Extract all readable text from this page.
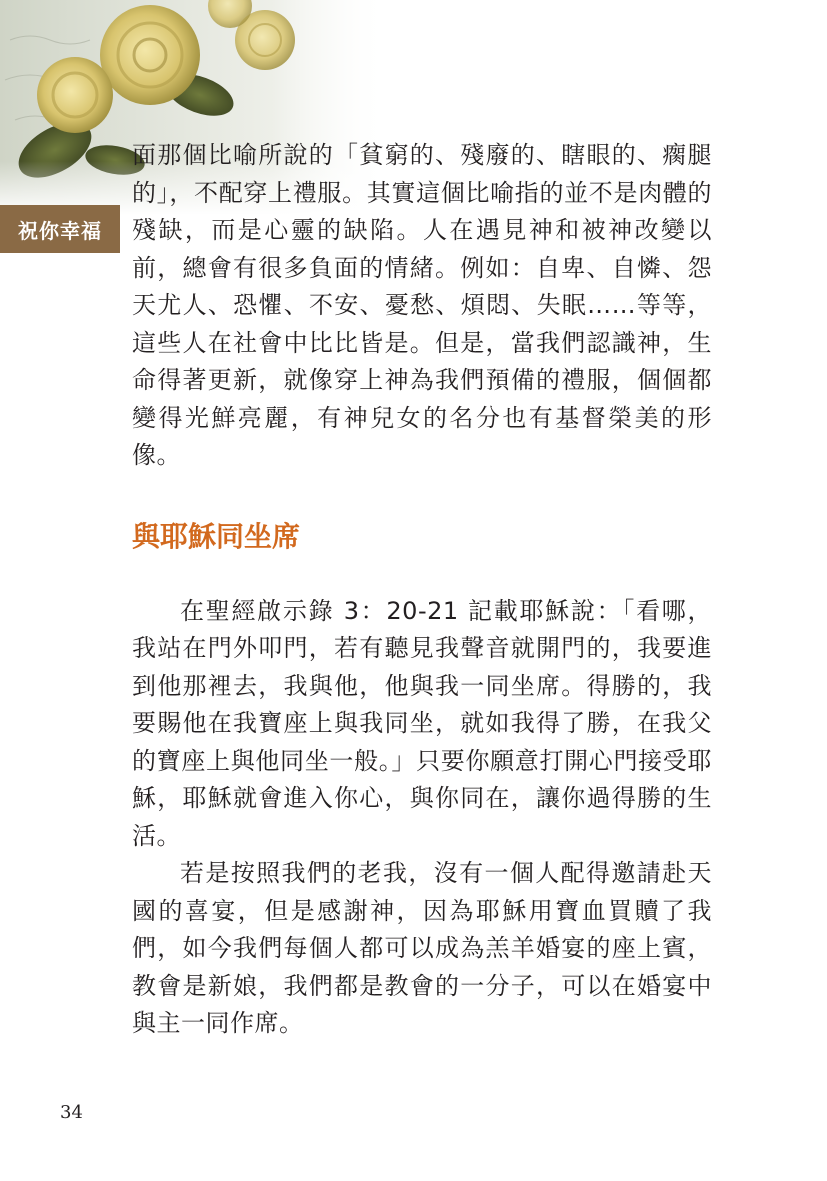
祝你幸福

面那個比喻所說的「貧窮的、殘廢的、瞎眼的、瘸腿的」，不配穿上禮服。其實這個比喻指的並不是肉體的殘缺，而是心靈的缺陷。人在遇見神和被神改變以前，總會有很多負面的情緒。例如：自卑、自憐、怨天尤人、恐懼、不安、憂愁、煩悶、失眠……等等，這些人在社會中比比皆是。但是，當我們認識神，生命得著更新，就像穿上神為我們預備的禮服，個個都變得光鮮亮麗，有神兒女的名分也有基督榮美的形像。

與耶穌同坐席

在聖經啟示錄 3：20-21 記載耶穌說：「看哪，我站在門外叩門，若有聽見我聲音就開門的，我要進到他那裡去，我與他，他與我一同坐席。得勝的，我要賜他在我寶座上與我同坐，就如我得了勝，在我父的寶座上與他同坐一般。」只要你願意打開心門接受耶穌，耶穌就會進入你心，與你同在，讓你過得勝的生活。

若是按照我們的老我，沒有一個人配得邀請赴天國的喜宴，但是感謝神，因為耶穌用寶血買贖了我們，如今我們每個人都可以成為羔羊婚宴的座上賓，教會是新娘，我們都是教會的一分子，可以在婚宴中與主一同作席。

34
